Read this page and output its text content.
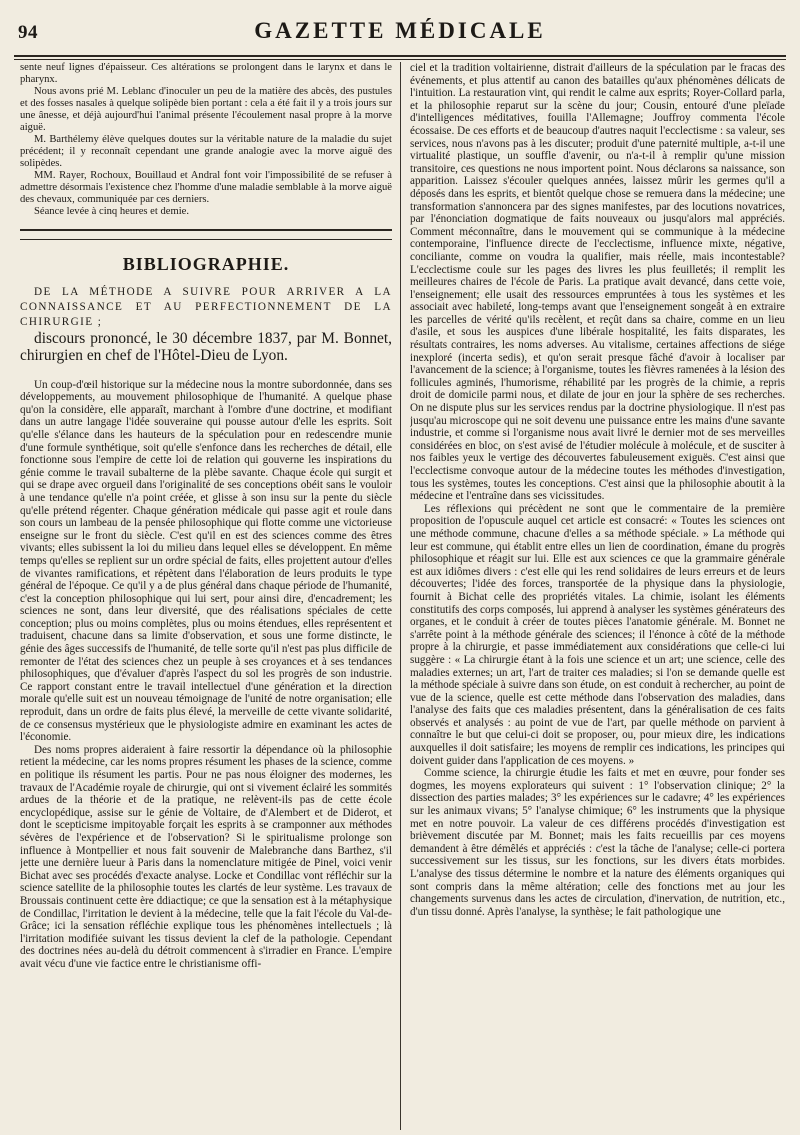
94	GAZETTE MÉDICALE

sente neuf lignes d'épaisseur. Ces altérations se prolongent dans le larynx et dans le pharynx.

Nous avons prié M. Leblanc d'inoculer un peu de la matière des abcès, des pustules et des fosses nasales à quelque solipède bien portant : cela a été fait il y a trois jours sur une ânesse, et déjà aujourd'hui l'animal présente l'écoulement nasal propre à la morve aiguë.

M. Barthélemy élève quelques doutes sur la véritable nature de la maladie du sujet précédent; il y reconnaît cependant une grande analogie avec la morve aiguë des solipèdes.

MM. Rayer, Rochoux, Bouillaud et Andral font voir l'impossibilité de se refuser à admettre désormais l'existence chez l'homme d'une maladie semblable à la morve aiguë des chevaux, communiquée par ces derniers.

Séance levée à cinq heures et demie.

BIBLIOGRAPHIE.

DE LA MÉTHODE A SUIVRE POUR ARRIVER A LA CONNAISSANCE ET AU PERFECTIONNEMENT DE LA CHIRURGIE ;

discours prononcé, le 30 décembre 1837, par M. Bonnet, chirurgien en chef de l'Hôtel-Dieu de Lyon.

Un coup-d'œil historique sur la médecine nous la montre subordonnée, dans ses développements, au mouvement philosophique de l'humanité. A quelque phase qu'on la considère, elle apparaît, marchant à l'ombre d'une doctrine, et modifiant dans un autre langage l'idée souveraine qui pousse autour d'elle les esprits. Soit qu'elle s'élance dans les hauteurs de la spéculation pour en redescendre munie d'une formule synthétique, soit qu'elle s'enfonce dans les recherches de détail, elle fonctionne sous l'empire de cette loi de relation qui gouverne les inspirations du génie comme le travail subalterne de la plèbe savante. Chaque école qui surgit et qui se drape avec orgueil dans l'originalité de ses conceptions obéit sans le vouloir à une tendance qu'elle n'a point créée, et glisse à son insu sur la pente du siècle qu'elle prétend régenter. Chaque génération médicale qui passe agit et roule dans son cours un lambeau de la pensée philosophique qui flotte comme une victorieuse enseigne sur le front du siècle. C'est qu'il en est des sciences comme des êtres vivants; elles subissent la loi du milieu dans lequel elles se développent. En même temps qu'elles se replient sur un ordre spécial de faits, elles projettent autour d'elles de vivantes ramifications, et répètent dans l'élaboration de leurs produits le type général de l'époque. Ce qu'il y a de plus général dans chaque période de l'humanité, c'est la conception philosophique qui lui sert, pour ainsi dire, d'encadrement; les sciences ne sont, dans leur diversité, que des réalisations spéciales de cette conception; plus ou moins complètes, plus ou moins étendues, elles représentent et traduisent, chacune dans sa limite d'observation, et sous une forme distincte, le génie des âges successifs de l'humanité, de telle sorte qu'il n'est pas plus difficile de remonter de l'état des sciences chez un peuple à ses croyances et à ses tendances philosophiques, que d'évaluer d'après l'aspect du sol les progrès de son industrie. Ce rapport constant entre le travail intellectuel d'une génération et la direction morale qu'elle suit est un nouveau témoignage de l'unité de notre organisation; elle reproduit, dans un ordre de faits plus élevé, la merveille de cette vivante solidarité, de ce consensus mystérieux que le physiologiste admire en examinant les actes de l'économie.

Des noms propres aideraient à faire ressortir la dépendance où la philosophie retient la médecine, car les noms propres résument les phases de la science, comme en politique ils résument les partis. Pour ne pas nous éloigner des modernes, les travaux de l'Académie royale de chirurgie, qui ont si vivement éclairé les sommités ardues de la théorie et de la pratique, ne relèvent-ils pas de cette école encyclopédique, assise sur le génie de Voltaire, de d'Alembert et de Diderot, et dont le scepticisme impitoyable forçait les esprits à se cramponner aux méthodes sévères de l'expérience et de l'observation? Si le spiritualisme prolonge son influence à Montpellier et nous fait souvenir de Malebranche dans Barthez, s'il jette une dernière lueur à Paris dans la nomenclature mitigée de Pinel, voici venir Bichat avec ses procédés d'exacte analyse. Locke et Condillac vont réfléchir sur la science satellite de la philosophie toutes les clartés de leur système. Les travaux de Broussais continuent cette ère ddiactique; ce que la sensation est à la métaphysique de Condillac, l'irritation le devient à la médecine, telle que la fait l'école du Val-de-Grâce; ici la sensation réfléchie explique tous les phénomènes intellectuels ; là l'irritation modifiée suivant les tissus devient la clef de la pathologie. Cependant des doctrines nées au-delà du détroit commencent à s'irradier en France. L'empire avait vécu d'une vie factice entre le christianisme offi-

ciel et la tradition voltairienne, distrait d'ailleurs de la spéculation par le fracas des événements, et plus attentif au canon des batailles qu'aux phénomènes délicats de l'intuition. La restauration vint, qui rendit le calme aux esprits; Royer-Collard parla, et la philosophie reparut sur la scène du jour; Cousin, entouré d'une pleïade d'intelligences méditatives, fouilla l'Allemagne; Jouffroy commenta l'école écossaise. De ces efforts et de beaucoup d'autres naquit l'ecclectisme : sa valeur, ses services, nous n'avons pas à les discuter; produit d'une paternité multiple, a-t-il une virtualité plastique, un souffle d'avenir, ou n'a-t-il à remplir qu'une mission transitoire, ces questions ne nous importent point. Nous déclarons sa naissance, son apparition. Laissez s'écouler quelques années, laissez mûrir les germes qu'il a déposés dans les esprits, et bientôt quelque chose se remuera dans la médecine; une transformation s'annoncera par des signes manifestes, par des locutions novatrices, par l'énonciation dogmatique de faits nouveaux ou jusqu'alors mal appréciés. Comment méconnaître, dans le mouvement qui se communique à la médecine contemporaine, l'influence directe de l'ecclectisme, influence mixte, négative, conciliante, comme on voudra la qualifier, mais réelle, mais incontestable? L'ecclectisme coule sur les pages des livres les plus feuilletés; il remplit les meilleures chaires de l'école de Paris. La pratique avait devancé, dans cette voie, l'enseignement; elle usait des ressources empruntées à tous les systèmes et les associait avec habileté, long-temps avant que l'enseignement songeât à en extraire les parcelles de vérité qu'ils recèlent, et reçût dans sa chaire, comme en un lieu d'asile, et sous les auspices d'une libérale hospitalité, les faits disparates, les résultats contraires, les noms adverses. Au vitalisme, certaines affections de siége inexploré (incerta sedis), et qu'on serait presque fâché d'avoir à localiser par l'avancement de la science; à l'organisme, toutes les fièvres ramenées à la lésion des follicules agminés, l'humorisme, réhabilité par les progrès de la chimie, a repris droit de domicile parmi nous, et dilate de jour en jour la sphère de ses recherches. On ne dispute plus sur les services rendus par la doctrine physiologique. Il n'est pas jusqu'au microscope qui ne soit devenu une puissance entre les mains d'une savante industrie, et comme si l'organisme nous avait livré le dernier mot de ses merveilles considérées en bloc, on s'est avisé de l'étudier molécule à molécule, et de susciter à nos faibles yeux le vertige des découvertes fabuleusement exiguës. C'est ainsi que l'ecclectisme convoque autour de la médecine toutes les méthodes d'investigation, tous les systèmes, toutes les conceptions. C'est ainsi que la philosophie aboutit à la médecine et l'entraîne dans ses vicissitudes.

Les réflexions qui précèdent ne sont que le commentaire de la première proposition de l'opuscule auquel cet article est consacré: « Toutes les sciences ont une méthode commune, chacune d'elles a sa méthode spéciale. » La méthode qui leur est commune, qui établit entre elles un lien de coordination, émane du progrès philosophique et réagit sur lui. Elle est aux sciences ce que la grammaire générale est aux idiômes divers : c'est elle qui les rend solidaires de leurs erreurs et de leurs découvertes; l'idée des forces, transportée de la physique dans la physiologie, fournit à Bichat celle des propriétés vitales. La chimie, isolant les éléments constitutifs des corps composés, lui apprend à analyser les systèmes générateurs des organes, et le conduit à créer de toutes pièces l'anatomie générale. M. Bonnet ne s'arrête point à la méthode générale des sciences; il l'énonce à côté de la méthode propre à la chirurgie, et passe immédiatement aux considérations que celle-ci lui suggère : « La chirurgie étant à la fois une science et un art; une science, celle des maladies externes; un art, l'art de traiter ces maladies; si l'on se demande quelle est la méthode spéciale à suivre dans son étude, on est conduit à rechercher, au point de vue de la science, quelle est cette méthode dans l'observation des maladies, dans l'analyse des faits que ces maladies présentent, dans la généralisation de ces faits observés et analysés : au point de vue de l'art, par quelle méthode on parvient à connaître le but que celui-ci doit se proposer, ou, pour mieux dire, les indications auxquelles il doit satisfaire; les moyens de remplir ces indications, les principes qui doivent guider dans l'application de ces moyens. »

Comme science, la chirurgie étudie les faits et met en œuvre, pour fonder ses dogmes, les moyens explorateurs qui suivent : 1° l'observation clinique; 2° la dissection des parties malades; 3° les expériences sur le cadavre; 4° les expériences sur les animaux vivans; 5° l'analyse chimique; 6° les instruments que la physique met en notre pouvoir. La valeur de ces différens procédés d'investigation est brièvement discutée par M. Bonnet; mais les faits recueillis par ces moyens demandent à être démêlés et appréciés : c'est la tâche de l'analyse; celle-ci portera successivement sur les tissus, sur les fonctions, sur les divers états morbides. L'analyse des tissus détermine le nombre et la nature des éléments organiques qui sont compris dans la même altération; celle des fonctions met au jour les changements survenus dans les actes de circulation, d'inervation, de nutrition, etc., d'un tissu donné. Après l'analyse, la synthèse; le fait pathologique une
